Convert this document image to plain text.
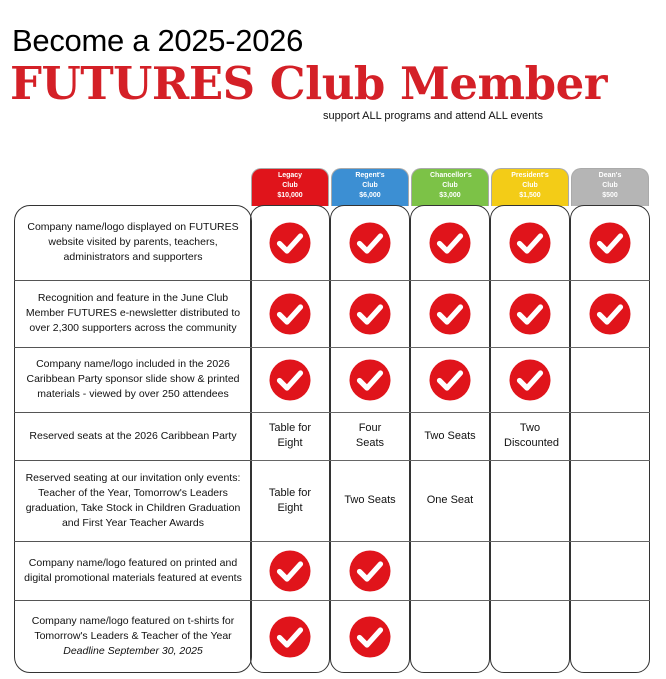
Become a 2025-2026
FUTURES Club Member
support ALL programs and attend ALL events
Legacy Club
$10,000
Regent's Club
$6,000
Chancellor's Club
$3,000
President's Club
$1,500
Dean's Club
$500
Company name/logo displayed on FUTURES website visited by parents, teachers, administrators and supporters
Recognition and feature in the June Club Member FUTURES e-newsletter distributed to over 2,300 supporters across the community
Company name/logo included in the 2026 Caribbean Party sponsor slide show & printed materials - viewed by over 250 attendees
Reserved seats at the 2026 Caribbean Party
Reserved seating at our invitation only events: Teacher of the Year, Tomorrow's Leaders graduation, Take Stock in Children Graduation and First Year Teacher Awards
Company name/logo featured on printed and digital promotional materials featured at events
Company name/logo featured on t-shirts for Tomorrow's Leaders & Teacher of the Year
Deadline September 30, 2025
Table for Eight
Four Seats
Two Seats
Two Discounted
Table for Eight
Two Seats	One Seat
